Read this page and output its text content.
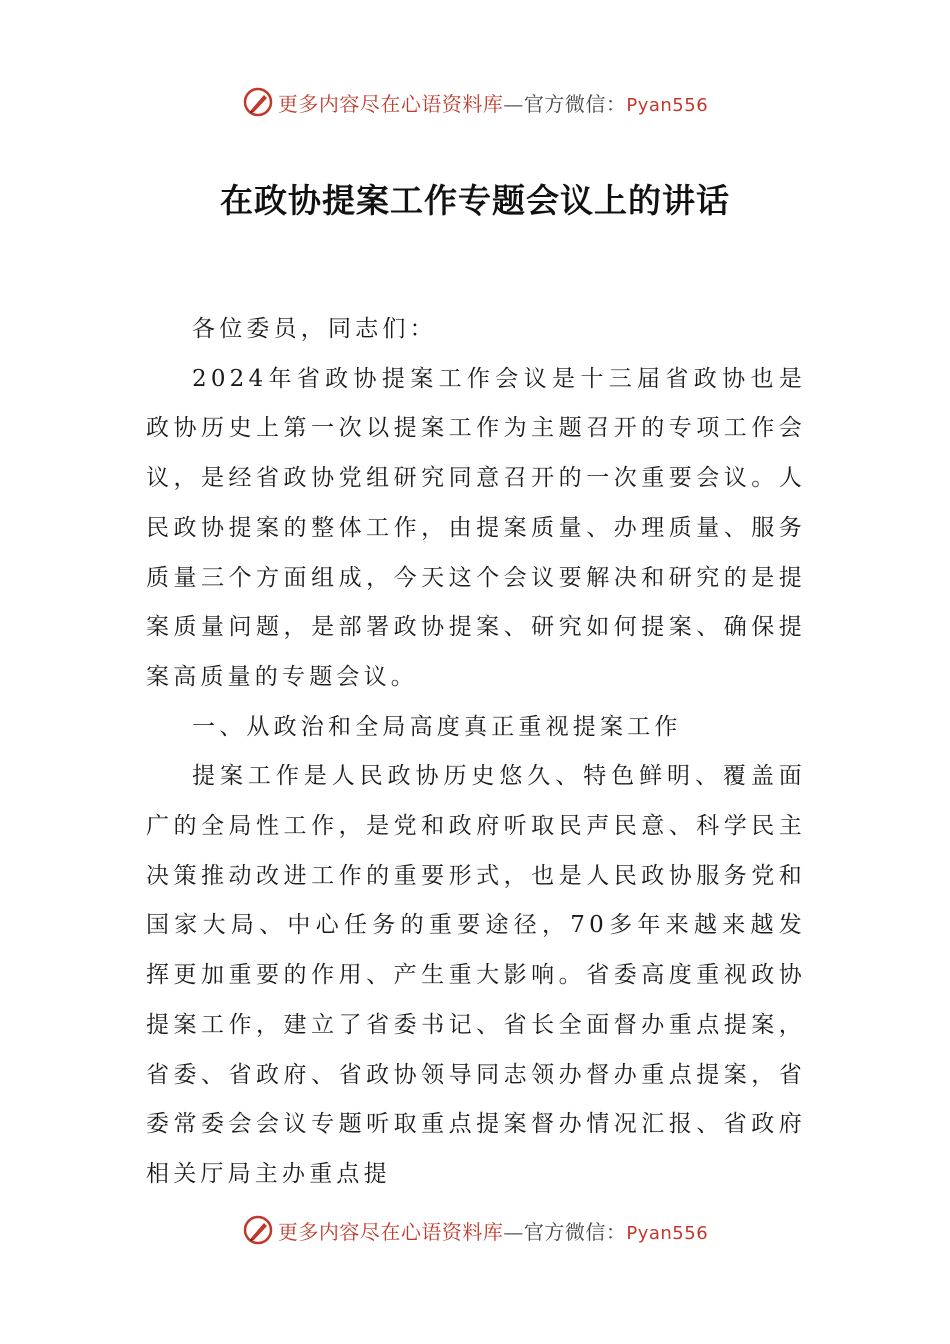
更多内容尽在心语资料库—官方微信：Pyan556
在政协提案工作专题会议上的讲话

各位委员，同志们：

2024年省政协提案工作会议是十三届省政协也是政协历史上第一次以提案工作为主题召开的专项工作会议，是经省政协党组研究同意召开的一次重要会议。人民政协提案的整体工作，由提案质量、办理质量、服务质量三个方面组成，今天这个会议要解决和研究的是提案质量问题，是部署政协提案、研究如何提案、确保提案高质量的专题会议。

一、从政治和全局高度真正重视提案工作

提案工作是人民政协历史悠久、特色鲜明、覆盖面广的全局性工作，是党和政府听取民声民意、科学民主决策推动改进工作的重要形式，也是人民政协服务党和国家大局、中心任务的重要途径，70多年来越来越发挥更加重要的作用、产生重大影响。省委高度重视政协提案工作，建立了省委书记、省长全面督办重点提案，省委、省政府、省政协领导同志领办督办重点提案，省委常委会会议专题听取重点提案督办情况汇报、省政府相关厅局主办重点提

更多内容尽在心语资料库—官方微信：Pyan556
